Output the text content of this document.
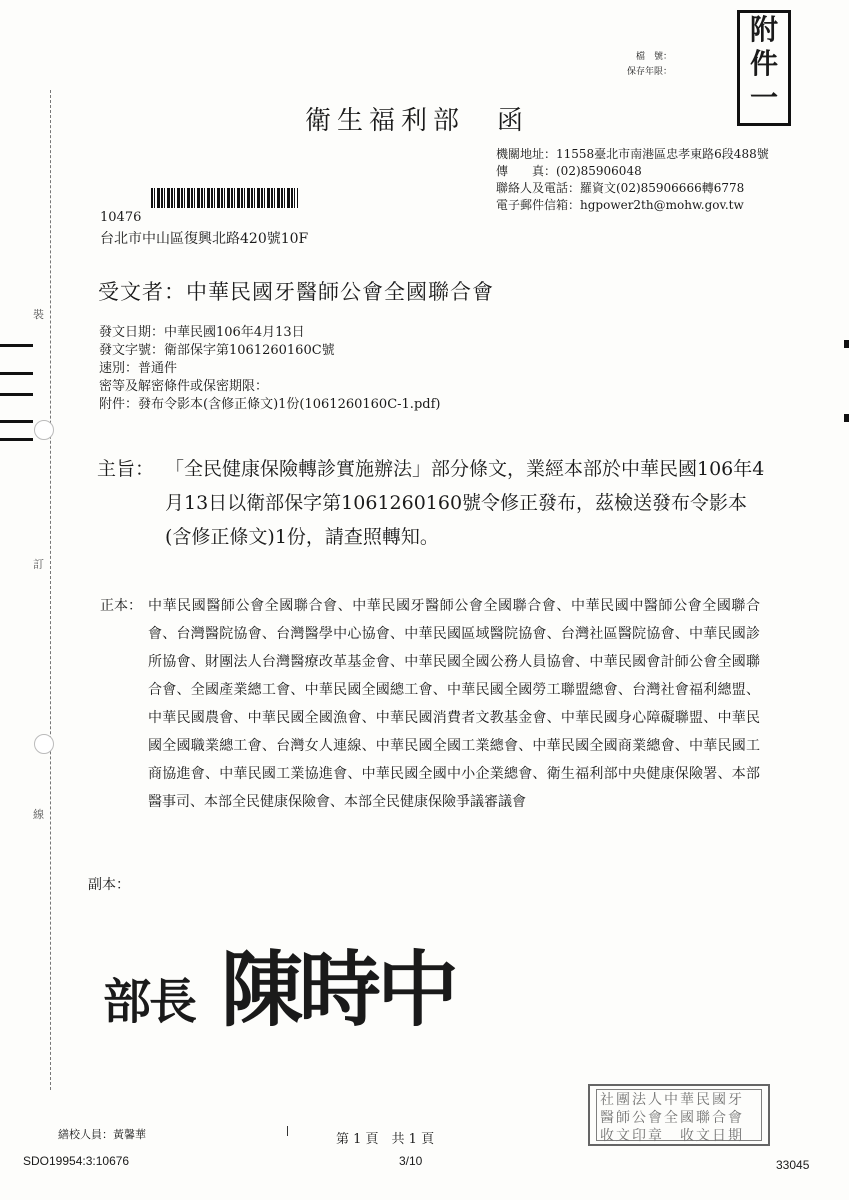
裝
訂
線
附
件
一
檔　號：
保存年限：
衛生福利部　函
機關地址：11558臺北市南港區忠孝東路6段488號
傳　　真：(02)85906048
聯絡人及電話：羅資文(02)85906666轉6778
電子郵件信箱：hgpower2th@mohw.gov.tw
10476
台北市中山區復興北路420號10F
受文者：中華民國牙醫師公會全國聯合會
發文日期：中華民國106年4月13日
發文字號：衛部保字第1061260160C號
速別：普通件
密等及解密條件或保密期限：
附件：發布令影本(含修正條文)1份(1061260160C-1.pdf)
主旨： 「全民健康保險轉診實施辦法」部分條文，業經本部於中華民國106年4月13日以衛部保字第1061260160號令修正發布，茲檢送發布令影本(含修正條文)1份，請查照轉知。
正本： 中華民國醫師公會全國聯合會、中華民國牙醫師公會全國聯合會、中華民國中醫師公會全國聯合會、台灣醫院協會、台灣醫學中心協會、中華民國區域醫院協會、台灣社區醫院協會、中華民國診所協會、財團法人台灣醫療改革基金會、中華民國全國公務人員協會、中華民國會計師公會全國聯合會、全國產業總工會、中華民國全國總工會、中華民國全國勞工聯盟總會、台灣社會福利總盟、中華民國農會、中華民國全國漁會、中華民國消費者文教基金會、中華民國身心障礙聯盟、中華民國全國職業總工會、台灣女人連線、中華民國全國工業總會、中華民國全國商業總會、中華民國工商協進會、中華民國工業協進會、中華民國全國中小企業總會、衛生福利部中央健康保險署、本部醫事司、本部全民健康保險會、本部全民健康保險爭議審議會
副本：
部長 陳時中
社團法人中華民國牙
醫師公會全國聯合會
收文印章　收文日期
繕校人員：黃馨華	第 1 頁　共 1 頁
SDO19954:3:10676	3/10	33045
